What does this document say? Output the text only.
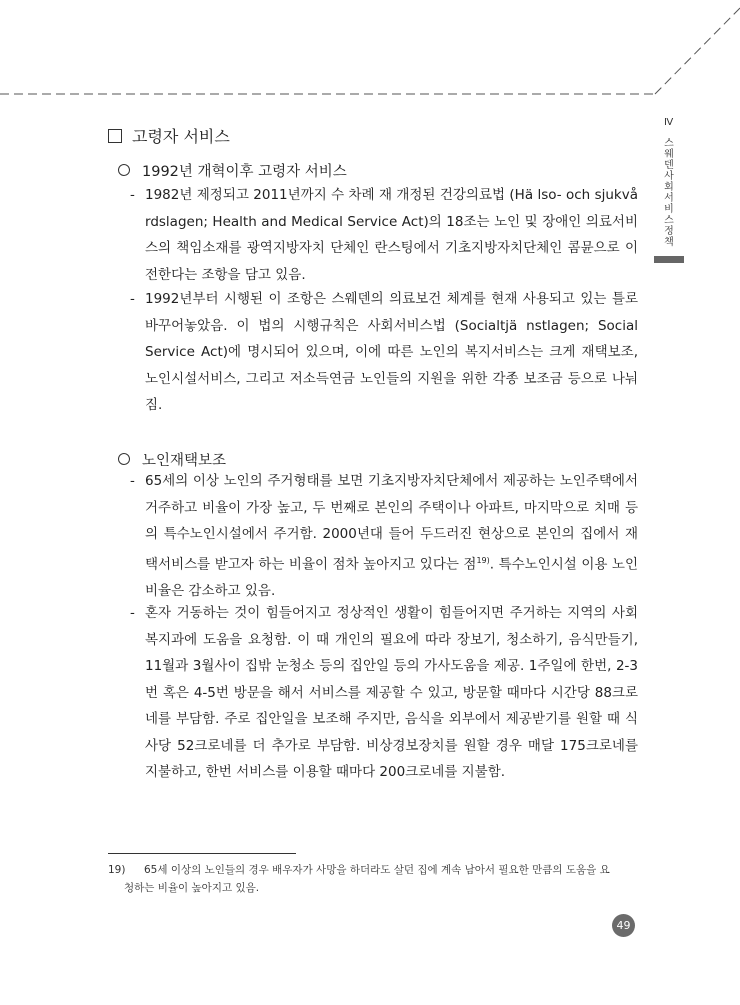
Ⅳ
스웨덴 사회서비스 정책
고령자 서비스
1992년 개혁이후 고령자 서비스
- 1982년 제정되고 2011년까지 수 차례 재 개정된 건강의료법 (Hä lso- och sjukvå rdslagen; Health and Medical Service Act)의 18조는 노인 및 장애인 의료서비스의 책임소재를 광역지방자치 단체인 란스팅에서 기초지방자치단체인 콤뮨으로 이전한다는 조항을 담고 있음.
- 1992년부터 시행된 이 조항은 스웨덴의 의료보건 체계를 현재 사용되고 있는 틀로 바꾸어놓았음. 이 법의 시행규칙은 사회서비스법 (Socialtjä nstlagen; Social Service Act)에 명시되어 있으며, 이에 따른 노인의 복지서비스는 크게 재택보조, 노인시설서비스, 그리고 저소득연금 노인들의 지원을 위한 각종 보조금 등으로 나눠짐.
노인재택보조
- 65세의 이상 노인의 주거형태를 보면 기초지방자치단체에서 제공하는 노인주택에서 거주하고 비율이 가장 높고, 두 번째로 본인의 주택이나 아파트, 마지막으로 치매 등의 특수노인시설에서 주거함. 2000년대 들어 두드러진 현상으로 본인의 집에서 재택서비스를 받고자 하는 비율이 점차 높아지고 있다는 점$^{19)}$. 특수노인시설 이용 노인비율은 감소하고 있음.
- 혼자 거동하는 것이 힘들어지고 정상적인 생활이 힘들어지면 주거하는 지역의 사회복지과에 도움을 요청함. 이 때 개인의 필요에 따라 장보기, 청소하기, 음식만들기, 11월과 3월사이 집밖 눈청소 등의 집안일 등의 가사도움을 제공. 1주일에 한번, 2-3번 혹은 4-5번 방문을 해서 서비스를 제공할 수 있고, 방문할 때마다 시간당 88크로네를 부담함. 주로 집안일을 보조해 주지만, 음식을 외부에서 제공받기를 원할 때 식사당 52크로네를 더 추가로 부담함. 비상경보장치를 원할 경우 매달 175크로네를 지불하고, 한번 서비스를 이용할 때마다 200크로네를 지불함.
19) 65세 이상의 노인들의 경우 배우자가 사망을 하더라도 살던 집에 계속 남아서 필요한 만큼의 도움을 요
청하는 비율이 높아지고 있음.
49
